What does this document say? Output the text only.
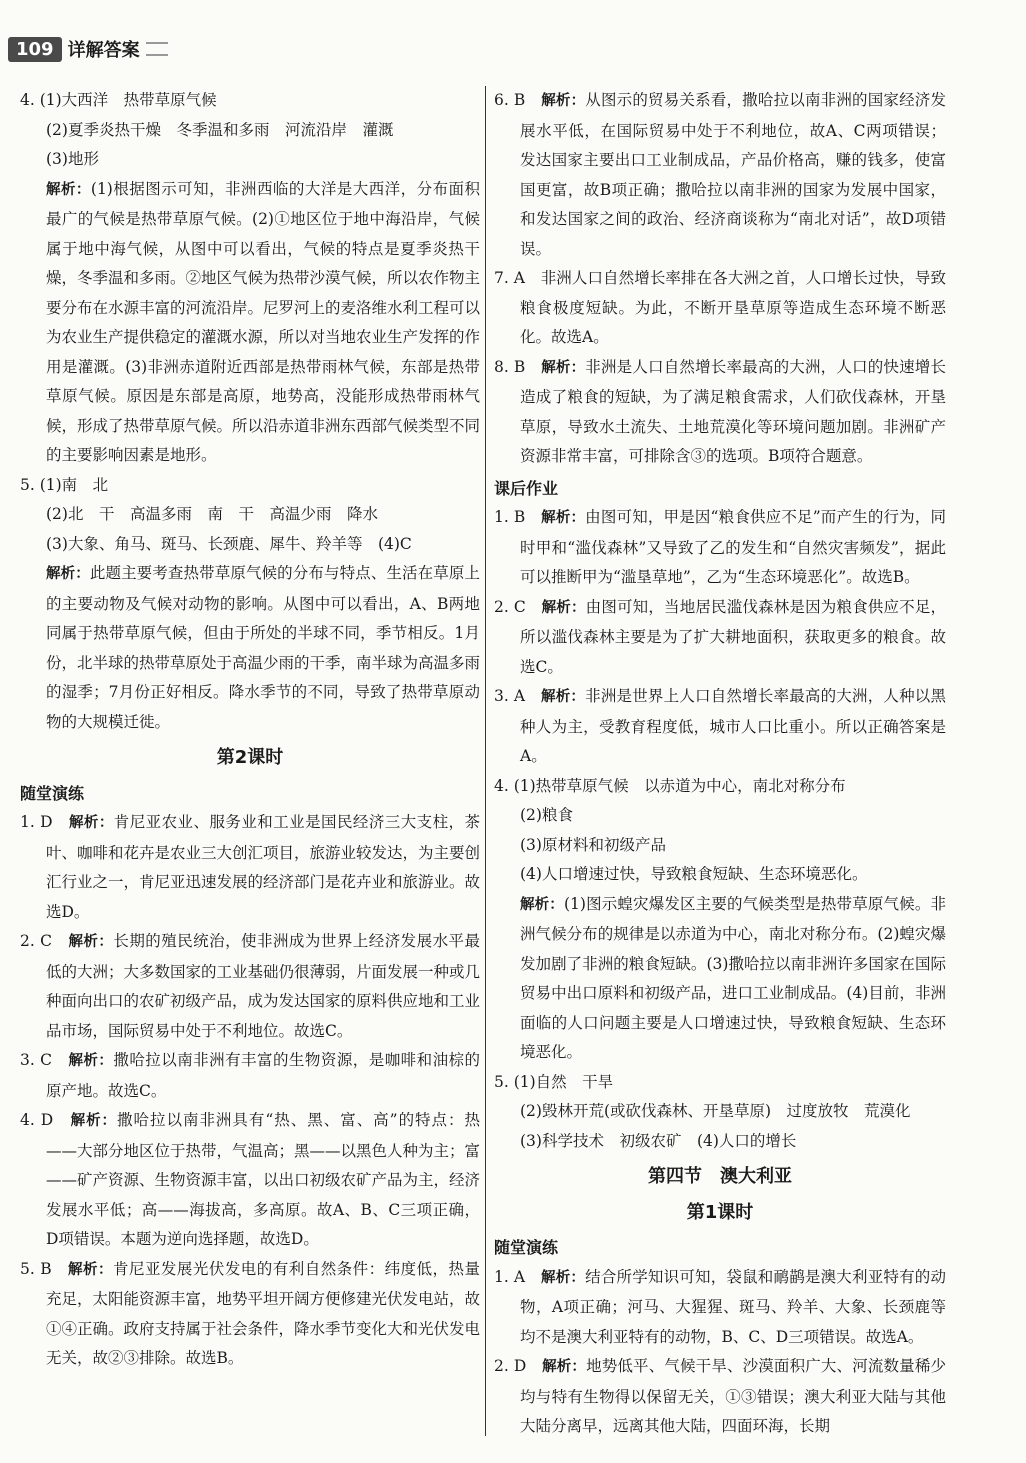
109 详解答案

4. (1)大西洋　热带草原气候

(2)夏季炎热干燥　冬季温和多雨　河流沿岸　灌溉

(3)地形

解析：(1)根据图示可知，非洲西临的大洋是大西洋，分布面积最广的气候是热带草原气候。(2)①地区位于地中海沿岸，气候属于地中海气候，从图中可以看出，气候的特点是夏季炎热干燥，冬季温和多雨。②地区气候为热带沙漠气候，所以农作物主要分布在水源丰富的河流沿岸。尼罗河上的麦洛维水利工程可以为农业生产提供稳定的灌溉水源，所以对当地农业生产发挥的作用是灌溉。(3)非洲赤道附近西部是热带雨林气候，东部是热带草原气候。原因是东部是高原，地势高，没能形成热带雨林气候，形成了热带草原气候。所以沿赤道非洲东西部气候类型不同的主要影响因素是地形。

5. (1)南　北

(2)北　干　高温多雨　南　干　高温少雨　降水

(3)大象、角马、斑马、长颈鹿、犀牛、羚羊等　(4)C

解析：此题主要考查热带草原气候的分布与特点、生活在草原上的主要动物及气候对动物的影响。从图中可以看出，A、B两地同属于热带草原气候，但由于所处的半球不同，季节相反。1月份，北半球的热带草原处于高温少雨的干季，南半球为高温多雨的湿季；7月份正好相反。降水季节的不同，导致了热带草原动物的大规模迁徙。

第2课时

随堂演练

1. D　解析：肯尼亚农业、服务业和工业是国民经济三大支柱，茶叶、咖啡和花卉是农业三大创汇项目，旅游业较发达，为主要创汇行业之一，肯尼亚迅速发展的经济部门是花卉业和旅游业。故选D。

2. C　解析：长期的殖民统治，使非洲成为世界上经济发展水平最低的大洲；大多数国家的工业基础仍很薄弱，片面发展一种或几种面向出口的农矿初级产品，成为发达国家的原料供应地和工业品市场，国际贸易中处于不利地位。故选C。

3. C　解析：撒哈拉以南非洲有丰富的生物资源，是咖啡和油棕的原产地。故选C。

4. D　解析：撒哈拉以南非洲具有“热、黑、富、高”的特点：热——大部分地区位于热带，气温高；黑——以黑色人种为主；富——矿产资源、生物资源丰富，以出口初级农矿产品为主，经济发展水平低；高——海拔高，多高原。故A、B、C三项正确，D项错误。本题为逆向选择题，故选D。

5. B　解析：肯尼亚发展光伏发电的有利自然条件：纬度低，热量充足，太阳能资源丰富，地势平坦开阔方便修建光伏发电站，故①④正确。政府支持属于社会条件，降水季节变化大和光伏发电无关，故②③排除。故选B。

6. B　解析：从图示的贸易关系看，撒哈拉以南非洲的国家经济发展水平低，在国际贸易中处于不利地位，故A、C两项错误；发达国家主要出口工业制成品，产品价格高，赚的钱多，使富国更富，故B项正确；撒哈拉以南非洲的国家为发展中国家，和发达国家之间的政治、经济商谈称为“南北对话”，故D项错误。

7. A　非洲人口自然增长率排在各大洲之首，人口增长过快，导致粮食极度短缺。为此，不断开垦草原等造成生态环境不断恶化。故选A。

8. B　解析：非洲是人口自然增长率最高的大洲，人口的快速增长造成了粮食的短缺，为了满足粮食需求，人们砍伐森林，开垦草原，导致水土流失、土地荒漠化等环境问题加剧。非洲矿产资源非常丰富，可排除含③的选项。B项符合题意。

课后作业

1. B　解析：由图可知，甲是因“粮食供应不足”而产生的行为，同时甲和“滥伐森林”又导致了乙的发生和“自然灾害频发”，据此可以推断甲为“滥垦草地”，乙为“生态环境恶化”。故选B。

2. C　解析：由图可知，当地居民滥伐森林是因为粮食供应不足，所以滥伐森林主要是为了扩大耕地面积，获取更多的粮食。故选C。

3. A　解析：非洲是世界上人口自然增长率最高的大洲，人种以黑种人为主，受教育程度低，城市人口比重小。所以正确答案是A。

4. (1)热带草原气候　以赤道为中心，南北对称分布

(2)粮食

(3)原材料和初级产品

(4)人口增速过快，导致粮食短缺、生态环境恶化。

解析：(1)图示蝗灾爆发区主要的气候类型是热带草原气候。非洲气候分布的规律是以赤道为中心，南北对称分布。(2)蝗灾爆发加剧了非洲的粮食短缺。(3)撒哈拉以南非洲许多国家在国际贸易中出口原料和初级产品，进口工业制成品。(4)目前，非洲面临的人口问题主要是人口增速过快，导致粮食短缺、生态环境恶化。

5. (1)自然　干旱

(2)毁林开荒(或砍伐森林、开垦草原)　过度放牧　荒漠化

(3)科学技术　初级农矿　(4)人口的增长

第四节　澳大利亚

第1课时

随堂演练

1. A　解析：结合所学知识可知，袋鼠和鸸鹋是澳大利亚特有的动物，A项正确；河马、大猩猩、斑马、羚羊、大象、长颈鹿等均不是澳大利亚特有的动物，B、C、D三项错误。故选A。

2. D　解析：地势低平、气候干旱、沙漠面积广大、河流数量稀少均与特有生物得以保留无关，①③错误；澳大利亚大陆与其他大陆分离早，远离其他大陆，四面环海，长期
